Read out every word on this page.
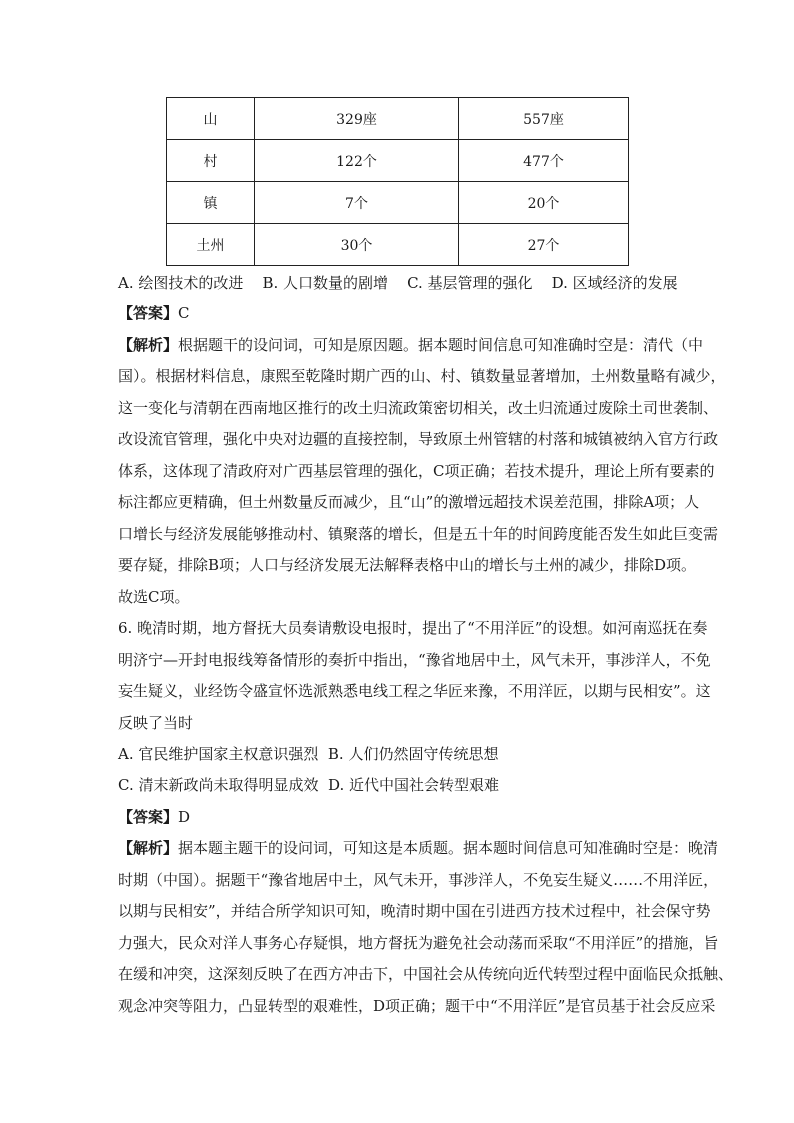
山	329座	557座
村	122个	477个
镇	7个	20个
土州	30个	27个
A. 绘图技术的改进    B. 人口数量的剧增    C. 基层管理的强化    D. 区域经济的发展
【答案】C
【解析】根据题干的设问词，可知是原因题。据本题时间信息可知准确时空是：清代（中
国）。根据材料信息，康熙至乾隆时期广西的山、村、镇数量显著增加，土州数量略有减少，
这一变化与清朝在西南地区推行的改土归流政策密切相关，改土归流通过废除土司世袭制、
改设流官管理，强化中央对边疆的直接控制，导致原土州管辖的村落和城镇被纳入官方行政
体系，这体现了清政府对广西基层管理的强化，C项正确；若技术提升，理论上所有要素的
标注都应更精确，但土州数量反而减少，且“山”的激增远超技术误差范围，排除A项；人
口增长与经济发展能够推动村、镇聚落的增长，但是五十年的时间跨度能否发生如此巨变需
要存疑，排除B项；人口与经济发展无法解释表格中山的增长与土州的减少，排除D项。
故选C项。
6. 晚清时期，地方督抚大员奏请敷设电报时，提出了“不用洋匠”的设想。如河南巡抚在奏
明济宁—开封电报线筹备情形的奏折中指出，“豫省地居中土，风气未开，事涉洋人，不免
妄生疑义，业经饬令盛宣怀选派熟悉电线工程之华匠来豫，不用洋匠，以期与民相安”。这
反映了当时
A. 官民维护国家主权意识强烈  B. 人们仍然固守传统思想
C. 清末新政尚未取得明显成效  D. 近代中国社会转型艰难
【答案】D
【解析】据本题主题干的设问词，可知这是本质题。据本题时间信息可知准确时空是：晚清
时期（中国）。据题干“豫省地居中土，风气未开，事涉洋人，不免妄生疑义……不用洋匠，
以期与民相安”，并结合所学知识可知，晚清时期中国在引进西方技术过程中，社会保守势
力强大，民众对洋人事务心存疑惧，地方督抚为避免社会动荡而采取“不用洋匠”的措施，旨
在缓和冲突，这深刻反映了在西方冲击下，中国社会从传统向近代转型过程中面临民众抵触、
观念冲突等阻力，凸显转型的艰难性，D项正确；题干中“不用洋匠”是官员基于社会反应采
